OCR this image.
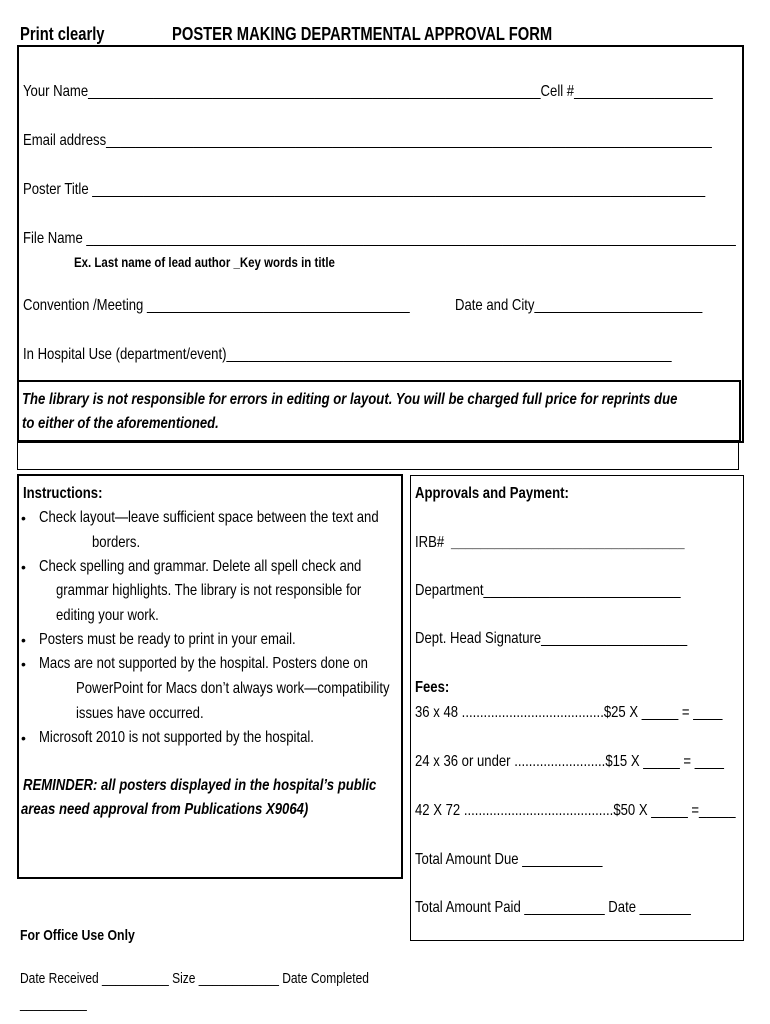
Print clearly	POSTER MAKING DEPARTMENTAL APPROVAL FORM
Your Name______________________________________________________________Cell #___________________
Email address___________________________________________________________________________________
Poster Title ____________________________________________________________________________________
File Name _________________________________________________________________________________________
Ex. Last name of lead author _Key words in title
Convention /Meeting ____________________________________	Date and City_______________________
In Hospital Use (department/event)_____________________________________________________________
The library is not responsible for errors in editing or layout. You will be charged full price for reprints due
to either of the aforementioned.
Instructions:
• Check layout—leave sufficient space between the text and
borders.
• Check spelling and grammar. Delete all spell check and
grammar highlights. The library is not responsible for
editing your work.
• Posters must be ready to print in your email.
• Macs are not supported by the hospital. Posters done on
PowerPoint for Macs don’t always work—compatibility
issues have occurred.
• Microsoft 2010 is not supported by the hospital.
REMINDER: all posters displayed in the hospital’s public
areas need approval from Publications X9064)
Approvals and Payment:
IRB# ________________________________
Department___________________________
Dept. Head Signature____________________
Fees:
36 x 48 .......................................$25 X _____ = ____
24 x 36 or under .........................$15 X _____ = ____
42 X 72 .........................................$50 X _____ =_____
Total Amount Due ___________
Total Amount Paid ___________ Date _______
For Office Use Only
Date Received __________ Size ____________ Date Completed
__________
